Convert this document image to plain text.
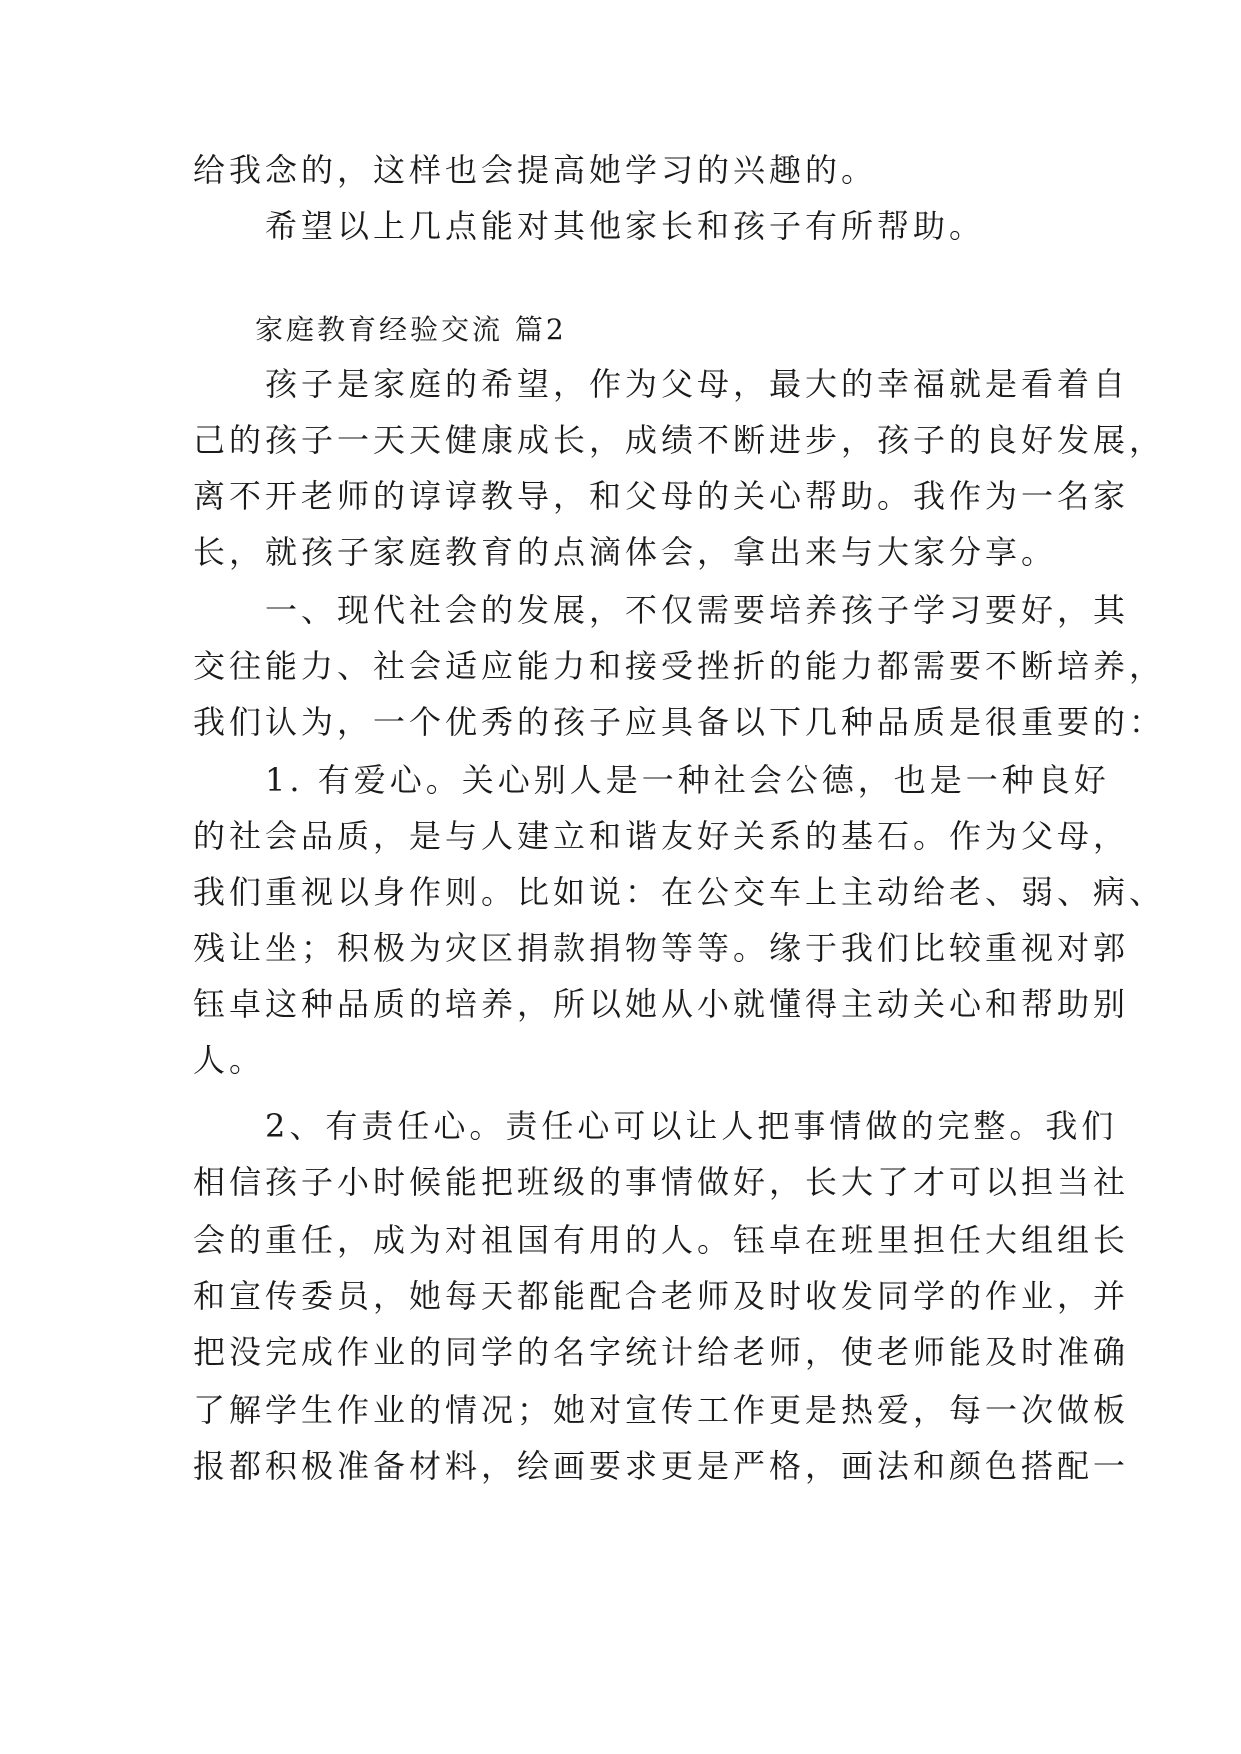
给我念的，这样也会提高她学习的兴趣的。
　　希望以上几点能对其他家长和孩子有所帮助。
　　家庭教育经验交流 篇2
　　孩子是家庭的希望，作为父母，最大的幸福就是看着自
己的孩子一天天健康成长，成绩不断进步，孩子的良好发展，
离不开老师的谆谆教导，和父母的关心帮助。我作为一名家
长，就孩子家庭教育的点滴体会，拿出来与大家分享。
　　一、现代社会的发展，不仅需要培养孩子学习要好，其
交往能力、社会适应能力和接受挫折的能力都需要不断培养，
我们认为，一个优秀的孩子应具备以下几种品质是很重要的：
　　1. 有爱心。关心别人是一种社会公德，也是一种良好
的社会品质，是与人建立和谐友好关系的基石。作为父母，
我们重视以身作则。比如说：在公交车上主动给老、弱、病、
残让坐；积极为灾区捐款捐物等等。缘于我们比较重视对郭
钰卓这种品质的培养，所以她从小就懂得主动关心和帮助别
人。
　　2、有责任心。责任心可以让人把事情做的完整。我们
相信孩子小时候能把班级的事情做好，长大了才可以担当社
会的重任，成为对祖国有用的人。钰卓在班里担任大组组长
和宣传委员，她每天都能配合老师及时收发同学的作业，并
把没完成作业的同学的名字统计给老师，使老师能及时准确
了解学生作业的情况；她对宣传工作更是热爱，每一次做板
报都积极准备材料，绘画要求更是严格，画法和颜色搭配一
